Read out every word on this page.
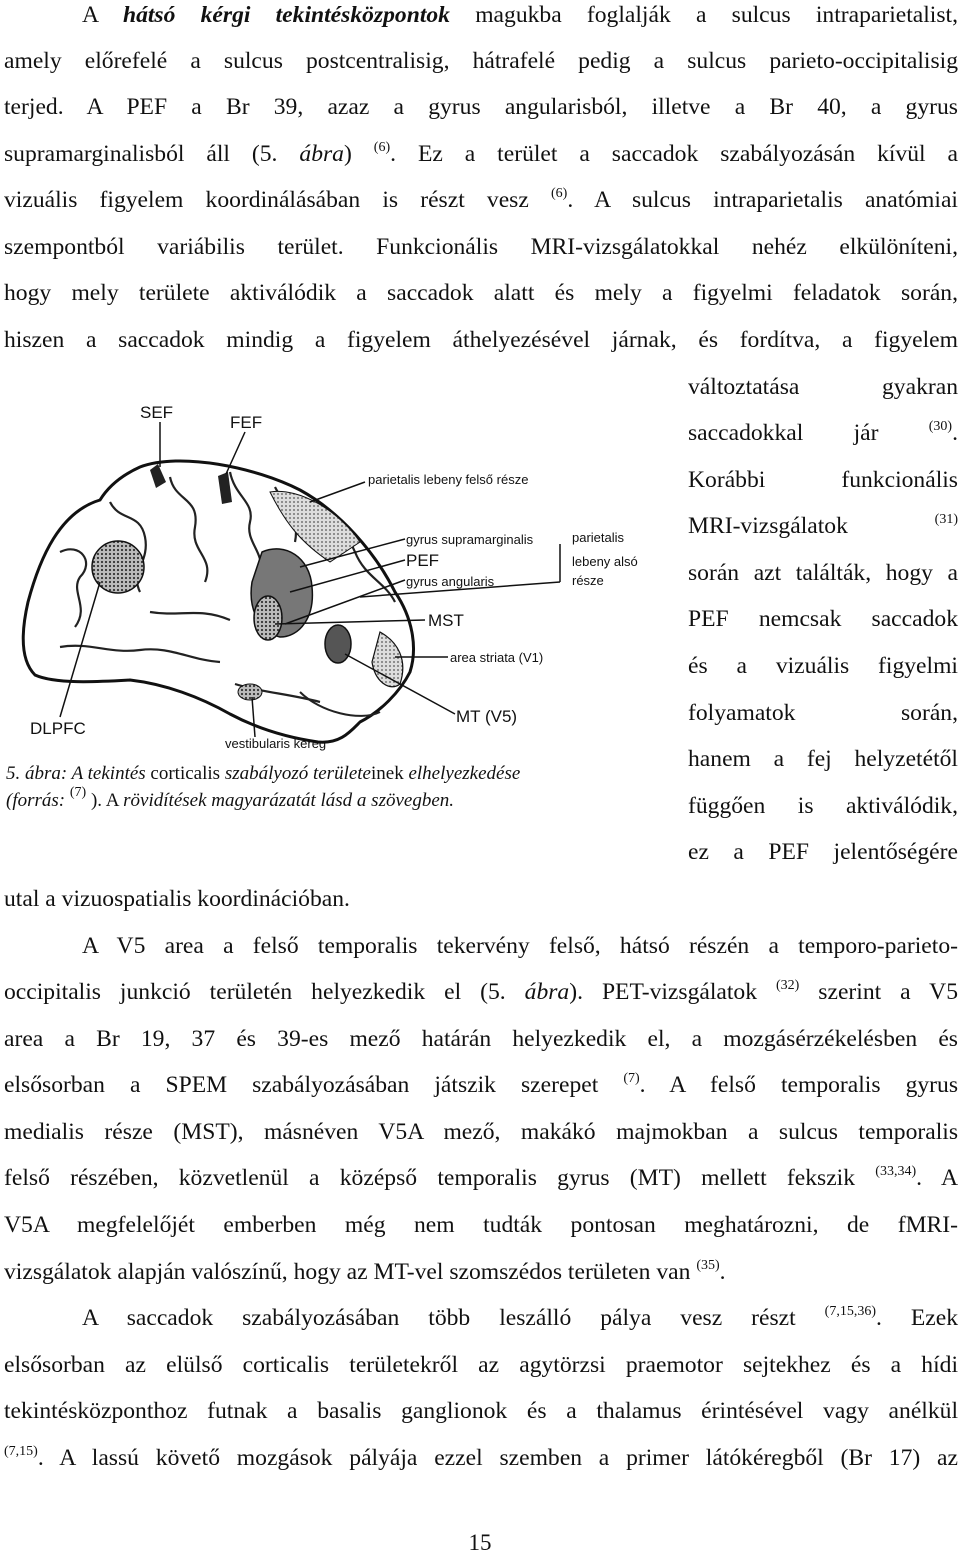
A hátsó kérgi tekintésközpontok magukba foglalják a sulcus intraparietalist,
amely előrefelé a sulcus postcentralisig, hátrafelé pedig a sulcus parieto-occipitalisig
terjed. A PEF a Br 39, azaz a gyrus angularisból, illetve a Br 40, a gyrus
supramarginalisból áll (5. ábra) $^{(6)}$. Ez a terület a saccadok szabályozásán kívül a
vizuális figyelem koordinálásában is részt vesz $^{(6)}$. A sulcus intraparietalis anatómiai
szempontból variábilis terület. Funkcionális MRI-vizsgálatokkal nehéz elkülöníteni,
hogy mely területe aktiválódik a saccadok alatt és mely a figyelmi feladatok során,
hiszen a saccadok mindig a figyelem áthelyezésével járnak, és fordítva, a figyelem
változtatása gyakran
saccadokkal jár $^{(30)}$.
Korábbi funkcionális
MRI-vizsgálatok $^{(31)}$
során azt találták, hogy a
PEF nemcsak saccadok
és a vizuális figyelmi
folyamatok során,
hanem a fej helyzetétől
függően is aktiválódik,
ez a PEF jelentőségére
utal a vizuospatialis koordinációban.
SEF
FEF
parietalis lebeny felső része
gyrus supramarginalis
PEF
gyrus angularis
parietalis
lebeny alsó
része
MST
area striata (V1)
DLPFC
MT (V5)
vestibularis kéreg
5. ábra: A tekintés corticalis szabályozó területeinek elhelyezkedése
(forrás: $^{(7)}$ ). A rövidítések magyarázatát lásd a szövegben.
A V5 area a felső temporalis tekervény felső, hátsó részén a temporo-parieto-
occipitalis junkció területén helyezkedik el (5. ábra). PET-vizsgálatok $^{(32)}$ szerint a V5
area a Br 19, 37 és 39-es mező határán helyezkedik el, a mozgásérzékelésben és
elsősorban a SPEM szabályozásában játszik szerepet $^{(7)}$. A felső temporalis gyrus
medialis része (MST), másnéven V5A mező, makákó majmokban a sulcus temporalis
felső részében, közvetlenül a középső temporalis gyrus (MT) mellett fekszik $^{(33,34)}$. A
V5A megfelelőjét emberben még nem tudták pontosan meghatározni, de fMRI-
vizsgálatok alapján valószínű, hogy az MT-vel szomszédos területen van $^{(35)}$.
A saccadok szabályozásában több leszálló pálya vesz részt $^{(7,15,36)}$. Ezek
elsősorban az elülső corticalis területekről az agytörzsi praemotor sejtekhez és a hídi
tekintésközponthoz futnak a basalis ganglionok és a thalamus érintésével vagy anélkül
$^{(7,15)}$. A lassú követő mozgások pályája ezzel szemben a primer látókéregből (Br 17) az
15
